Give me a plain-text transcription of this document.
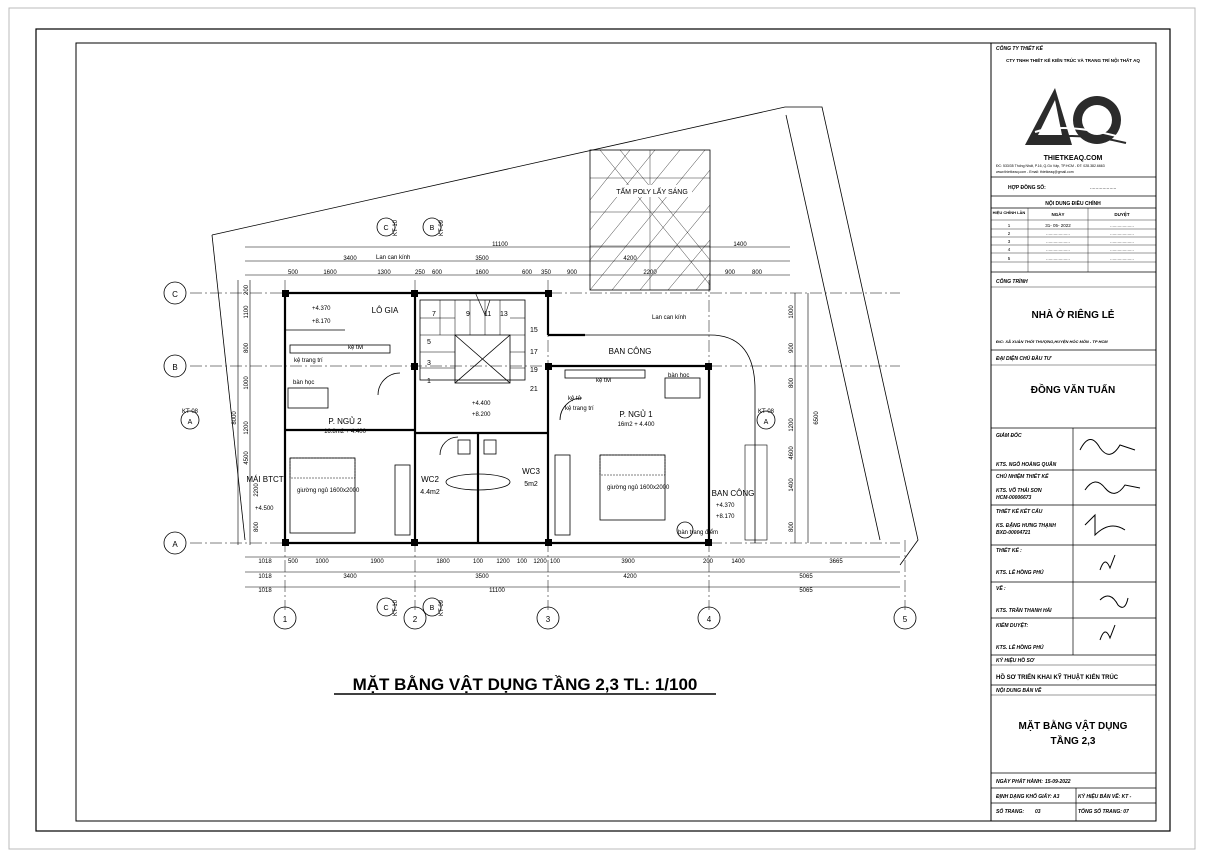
TẤM POLY LẤY SÁNG
7	9 11 13
15
17
19
21
5
3
1
LÔ GIA
P. NGỦ 2
16.8m2 + 4.400
P. NGỦ 1
16m2 + 4.400
BAN CÔNG
BAN CÔNG
WC2
4.4m2
WC3
5m2
MÁI BTCT
kệ tivi
kệ tivi
kệ trang trí
kệ trang trí
bàn học
bàn học
giường ngủ 1600x2000	giường ngủ 1600x2000
kệ tủ
bàn trang điểm
Lan can kính
Lan can kính
+4.370
+8.170
+4.400
+8.200
+4.370
+8.170
+4.500
3400	3500	4200
1400
11100
500	1600	1300	250 600	1600	600 350	900	2200	900	800
1018	500	1000	1900	1800	100 1200 100 1200 100	3900	200	1400	3665
1018	3400	3500	4200	5065
1018	11100	5065
200
1100
800
1000
1200
4500
2200
800
8000
1000
900
800
1200
4600
1400
800
6500
1	2	3	4	5
C
B
A
C KT-10	B KT-09
C KT-10	B KT-09
A
KT-08
A
KT-08
MẶT BẰNG VẬT DỤNG TẦNG 2,3 TL: 1/100
CÔNG TY THIẾT KẾ
CTY TNHH THIẾT KẾ KIẾN TRÚC VÀ TRANG TRÍ NỘI THẤT AQ
THIETKEAQ.COM
ĐC: 533/35 Thống Nhất, P.16, Q.Gò Vấp, TP.HCM - ĐT: 028.382.6663
www.thietkeaq.com - Email: thietkeaq@gmail.com
HỢP ĐỒNG SỐ:	...................
NỘI DUNG ĐIỀU CHỈNH
HIỆU CHỈNH LẦN	NGÀY	DUYỆT
1	31- 05- 2022	...................
2	...................	...................
3	...................	...................
4	...................	...................
5	...................	...................
CÔNG TRÌNH
NHÀ Ở RIÊNG LẺ
Đ/C: XÃ XUÂN THỚI THƯỢNG,HUYỆN HÓC MÔN - TP HCM
ĐẠI DIỆN CHỦ ĐẦU TƯ
ĐỒNG VĂN TUẤN
GIÁM ĐỐC
KTS. NGÔ HOÀNG QUÂN
CHỦ NHIỆM THIẾT KẾ
KTS. VÕ THÁI SƠN
HCM-00006673
THIẾT KẾ KẾT CẤU
KS. ĐẶNG HƯNG THẠNH
BXD-00004721
THIẾT KẾ :
KTS. LÊ HỒNG PHÚ
VẼ :
KTS. TRẦN THANH HẢI
KIỂM DUYỆT:
KTS. LÊ HỒNG PHÚ
KÝ HIỆU HỒ SƠ
HỒ SƠ TRIỂN KHAI KỸ THUẬT KIẾN TRÚC
NỘI DUNG BẢN VẼ
MẶT BẰNG VẬT DỤNG
TẦNG 2,3
NGÀY PHÁT HÀNH: 15-09-2022
ĐỊNH DẠNG KHỔ GIẤY: A3	KÝ HIỆU BẢN VẼ: KT -
SỐ TRANG: 03	TỔNG SỐ TRANG: 07
